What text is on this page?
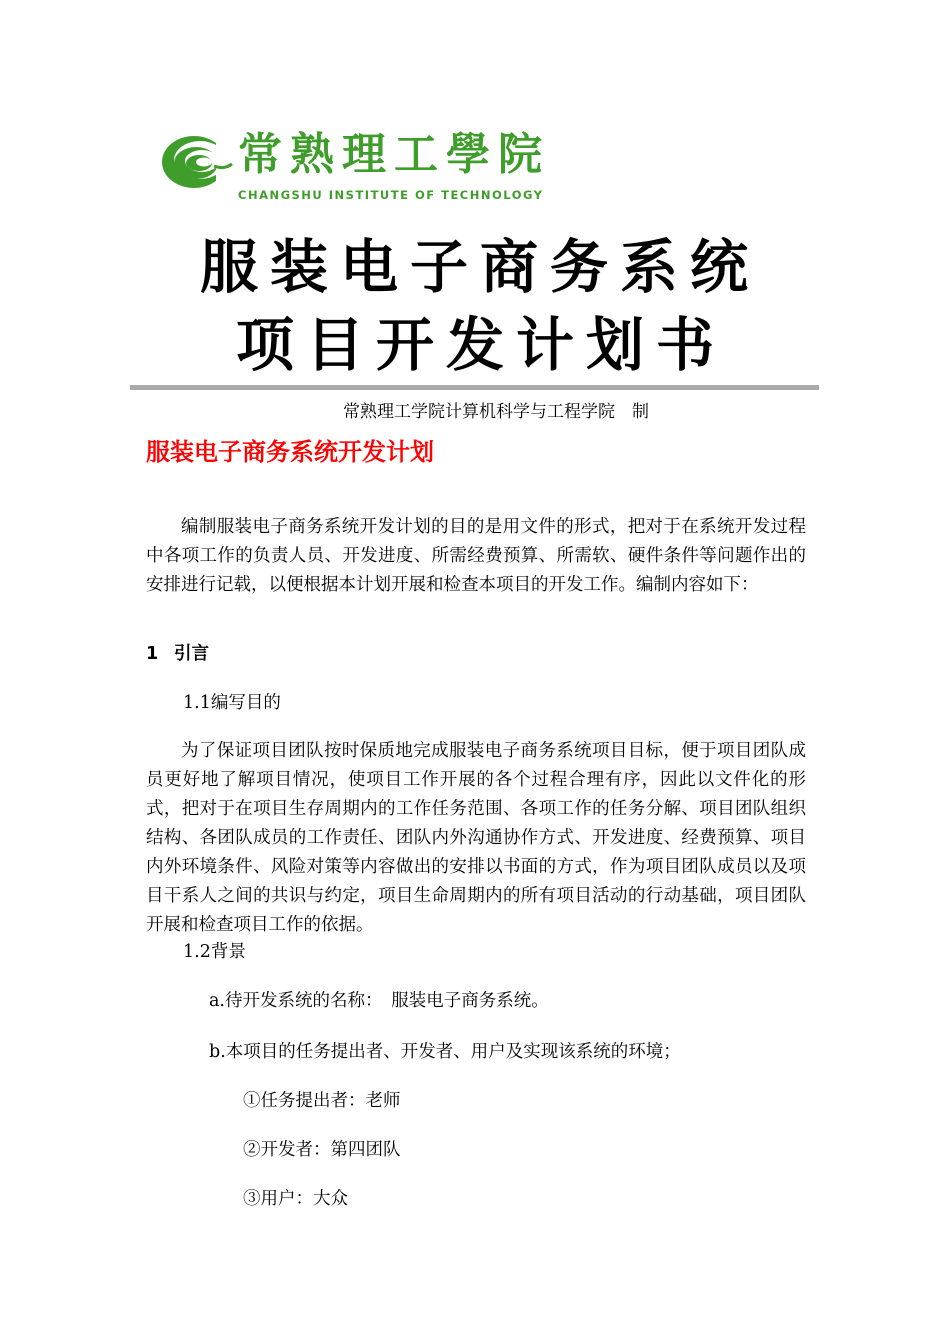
常熟理工學院
CHANGSHU INSTITUTE OF TECHNOLOGY
服装电子商务系统
项目开发计划书
常熟理工学院计算机科学与工程学院　制
服装电子商务系统开发计划
编制服装电子商务系统开发计划的目的是用文件的形式，把对于在系统开发过程中各项工作的负责人员、开发进度、所需经费预算、所需软、硬件条件等问题作出的安排进行记载，以便根据本计划开展和检查本项目的开发工作。编制内容如下：
1 引言
1.1编写目的
为了保证项目团队按时保质地完成服装电子商务系统项目目标，便于项目团队成员更好地了解项目情况，使项目工作开展的各个过程合理有序，因此以文件化的形式，把对于在项目生存周期内的工作任务范围、各项工作的任务分解、项目团队组织结构、各团队成员的工作责任、团队内外沟通协作方式、开发进度、经费预算、项目内外环境条件、风险对策等内容做出的安排以书面的方式，作为项目团队成员以及项目干系人之间的共识与约定，项目生命周期内的所有项目活动的行动基础，项目团队开展和检查项目工作的依据。
1.2背景
a.待开发系统的名称：　服装电子商务系统。
b.本项目的任务提出者、开发者、用户及实现该系统的环境；
①任务提出者：老师
②开发者：第四团队
③用户：大众
